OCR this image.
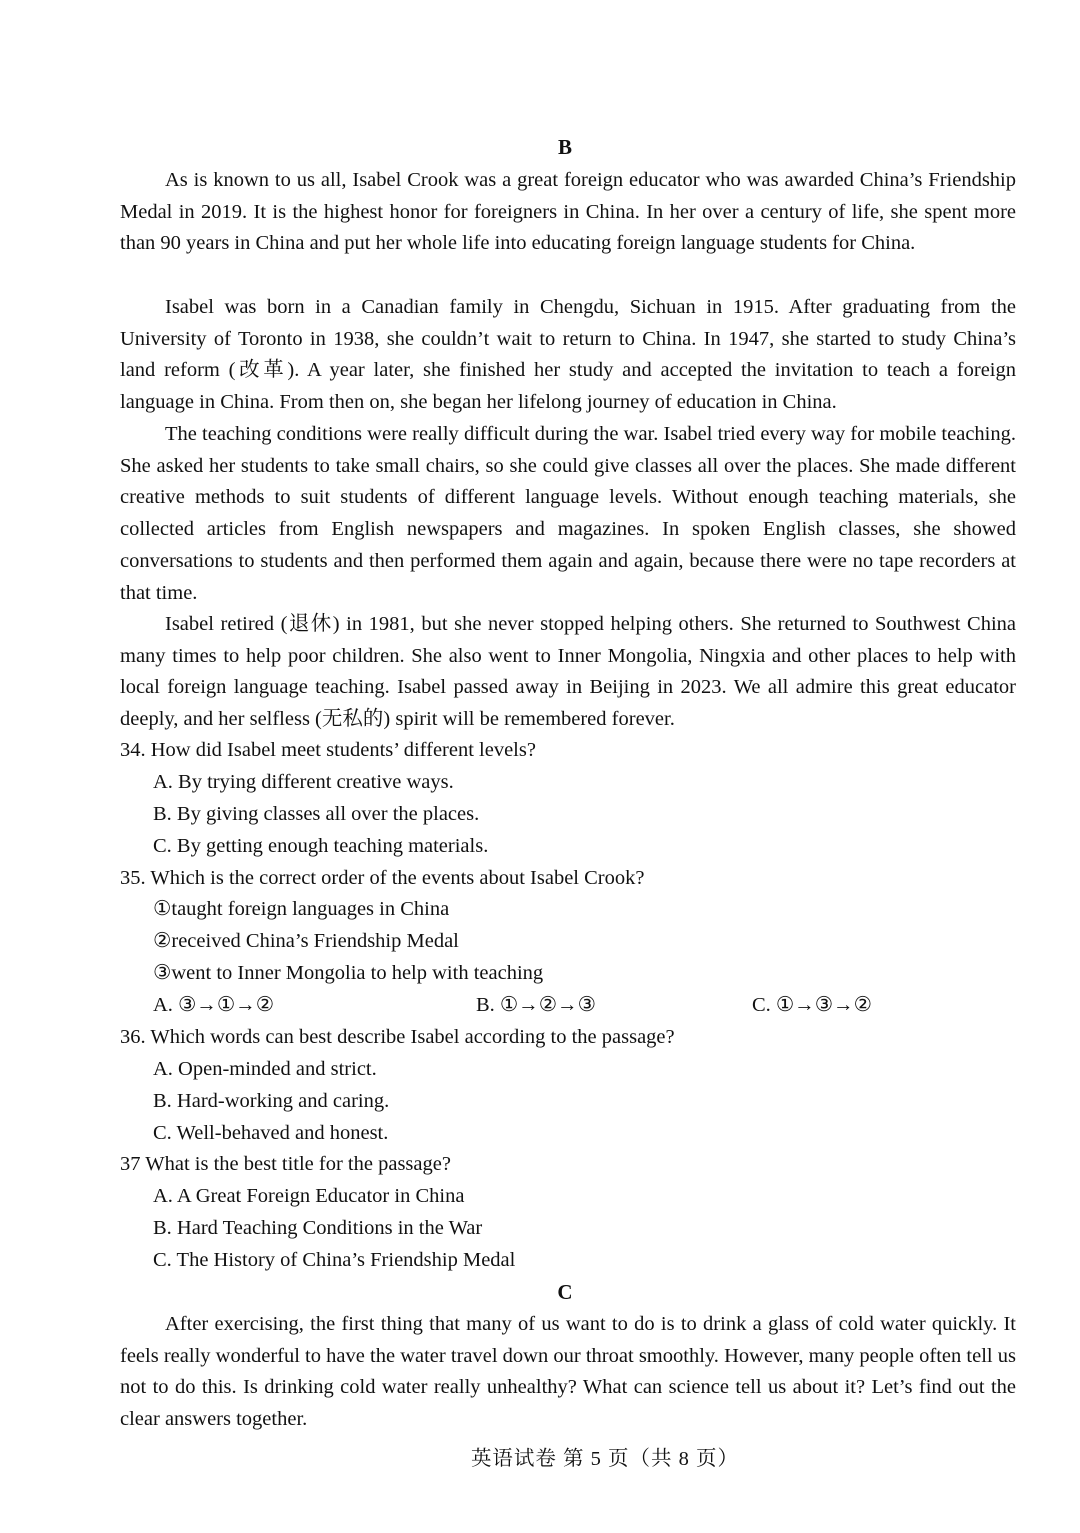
B

As is known to us all, Isabel Crook was a great foreign educator who was awarded China’s Friendship Medal in 2019. It is the highest honor for foreigners in China. In her over a century of life, she spent more than 90 years in China and put her whole life into educating foreign language students for China.

Isabel was born in a Canadian family in Chengdu, Sichuan in 1915. After graduating from the University of Toronto in 1938, she couldn’t wait to return to China. In 1947, she started to study China’s land reform (改革). A year later, she finished her study and accepted the invitation to teach a foreign language in China. From then on, she began her lifelong journey of education in China.

The teaching conditions were really difficult during the war. Isabel tried every way for mobile teaching. She asked her students to take small chairs, so she could give classes all over the places. She made different creative methods to suit students of different language levels. Without enough teaching materials, she collected articles from English newspapers and magazines. In spoken English classes, she showed conversations to students and then performed them again and again, because there were no tape recorders at that time.

Isabel retired (退休) in 1981, but she never stopped helping others. She returned to Southwest China many times to help poor children. She also went to Inner Mongolia, Ningxia and other places to help with local foreign language teaching. Isabel passed away in Beijing in 2023. We all admire this great educator deeply, and her selfless (无私的) spirit will be remembered forever.

34. How did Isabel meet students’ different levels?
A. By trying different creative ways.
B. By giving classes all over the places.
C. By getting enough teaching materials.
35. Which is the correct order of the events about Isabel Crook?
①taught foreign languages in China
②received China’s Friendship Medal
③went to Inner Mongolia to help with teaching
A. ③→①→②	B. ①→②→③	C. ①→③→②
36. Which words can best describe Isabel according to the passage?
A. Open-minded and strict.
B. Hard-working and caring.
C. Well-behaved and honest.
37 What is the best title for the passage?
A. A Great Foreign Educator in China
B. Hard Teaching Conditions in the War
C. The History of China’s Friendship Medal
C

After exercising, the first thing that many of us want to do is to drink a glass of cold water quickly. It feels really wonderful to have the water travel down our throat smoothly. However, many people often tell us not to do this. Is drinking cold water really unhealthy? What can science tell us about it? Let’s find out the clear answers together.

英语试卷 第 5 页（共 8 页）
